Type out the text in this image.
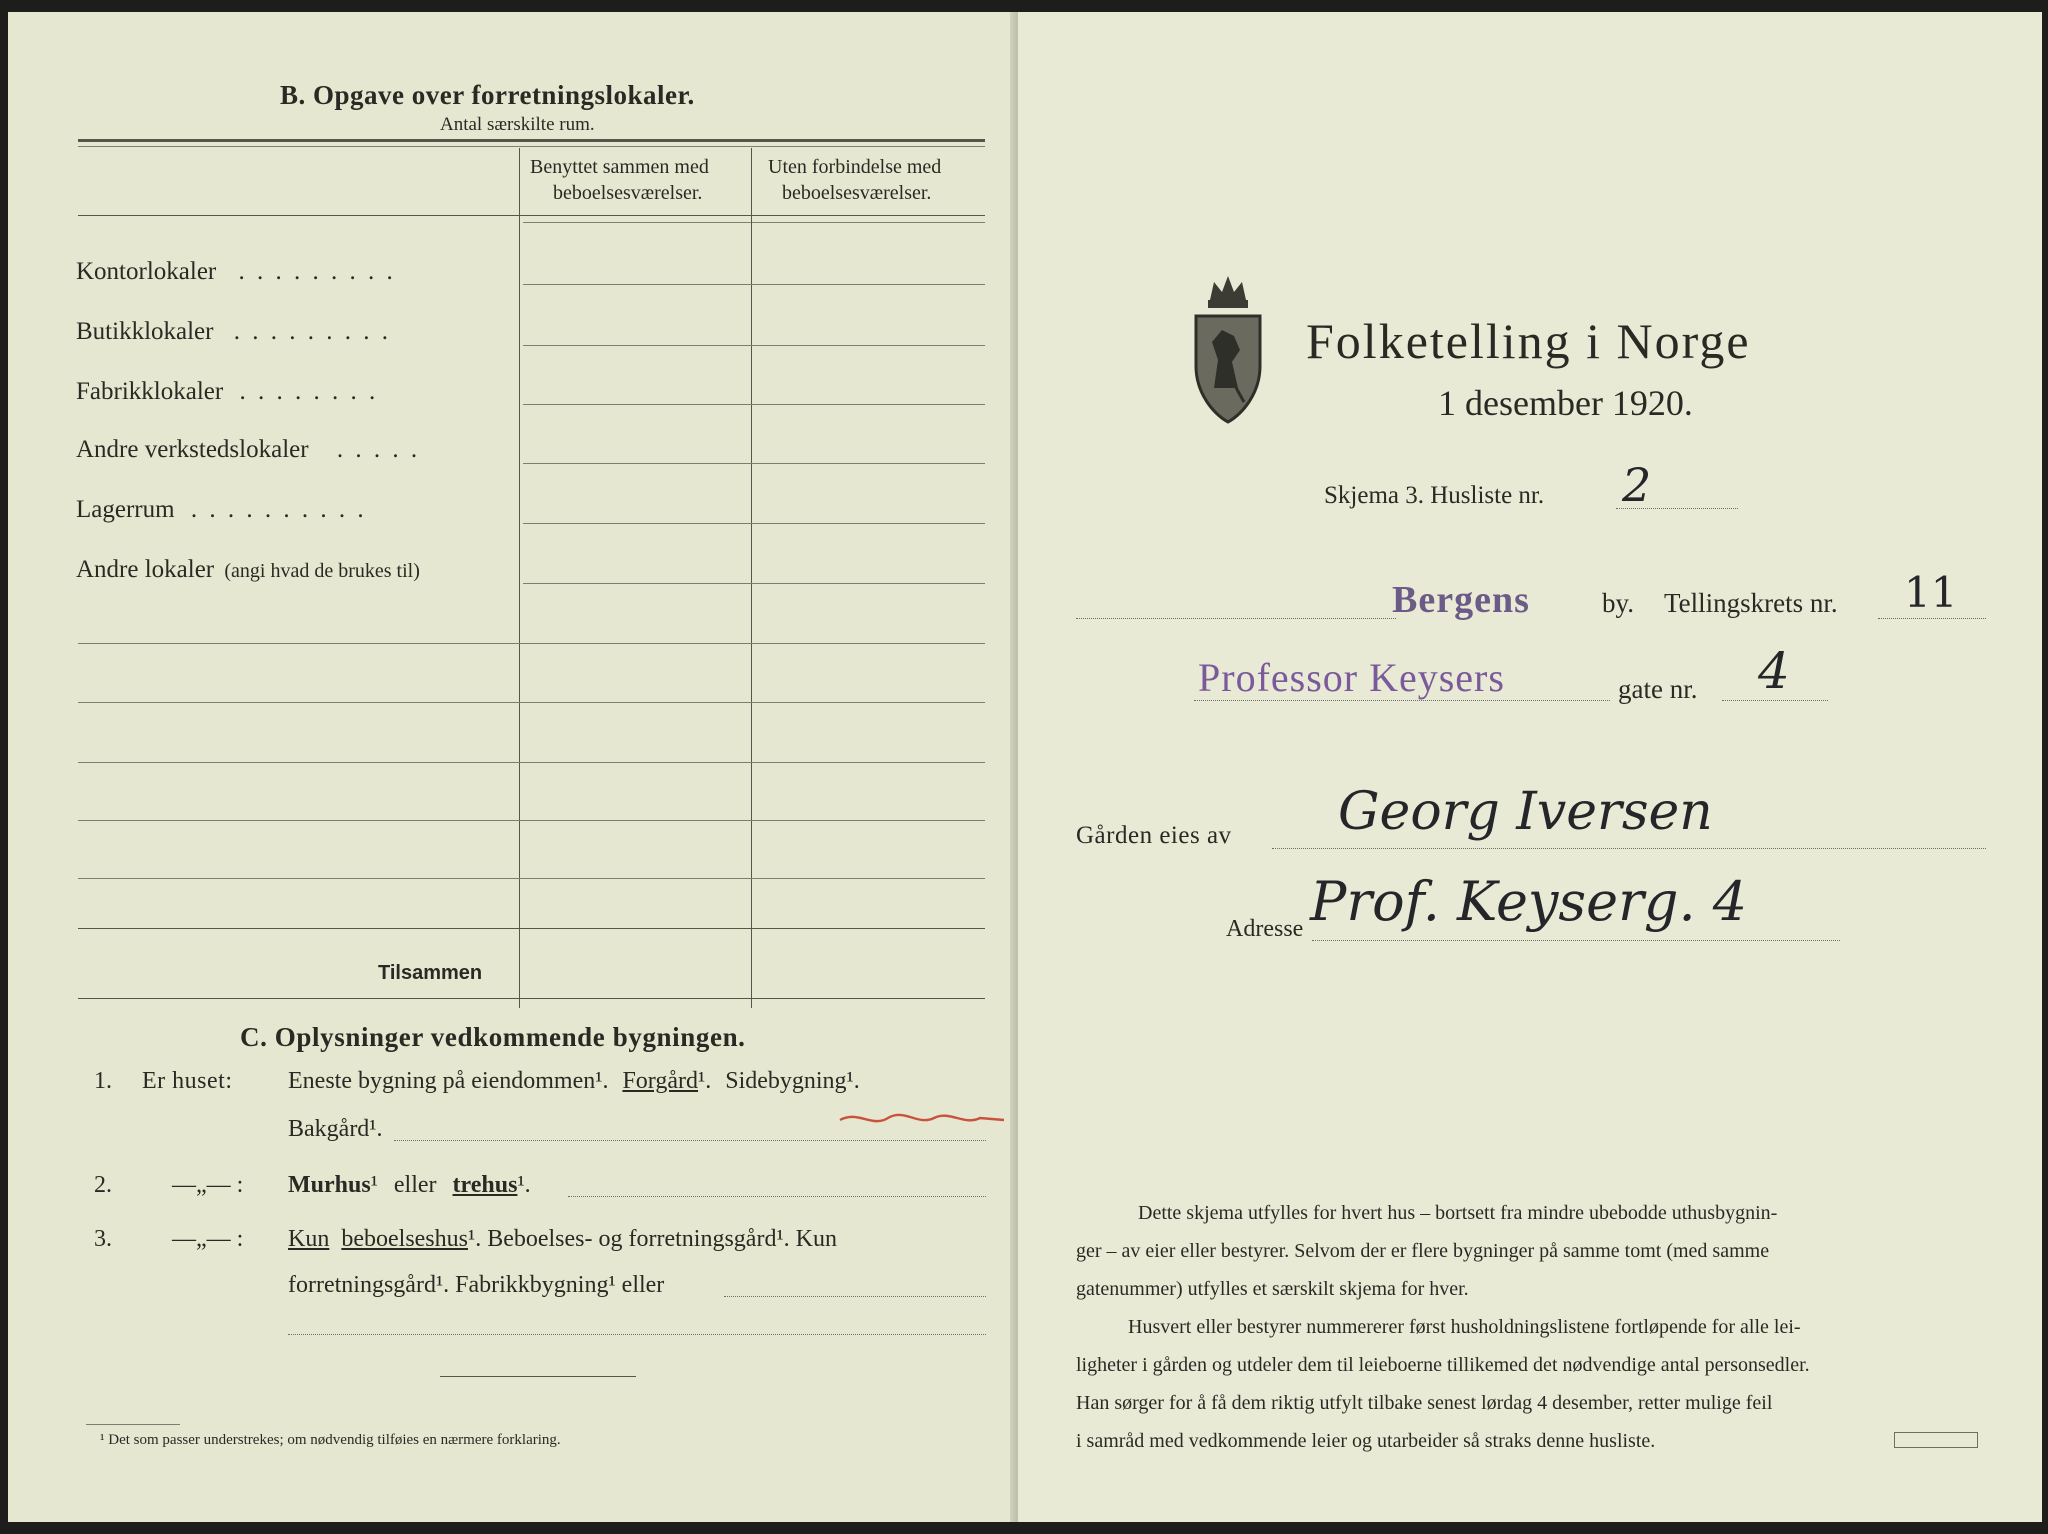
B. Opgave over forretningslokaler.
Antal særskilte rum.
Benyttet sammen med
beboelsesværelser.
Uten forbindelse med
beboelsesværelser.
Kontorlokaler . . . . . . . . .
Butikklokaler . . . . . . . . .
Fabrikklokaler . . . . . . . .
Andre verkstedslokaler . . . . .
Lagerrum . . . . . . . . . .
Andre lokaler (angi hvad de brukes til)
Tilsammen
C. Oplysninger vedkommende bygningen.
1. Er huset: Eneste bygning på eiendommen¹. Forgård¹. Sidebygning¹.
Bakgård¹.
2.	—„— : Murhus¹ eller trehus¹.
3.	—„— : Kun beboelseshus¹. Beboelses- og forretningsgård¹. Kun
forretningsgård¹. Fabrikkbygning¹ eller
¹ Det som passer understrekes; om nødvendig tilføies en nærmere forklaring.
Folketelling i Norge
1 desember 1920.
Skjema 3. Husliste nr. 2
Bergens	by. Tellingskrets nr. 11
Professor Keysers	gate nr. 4
Gården eies av Georg Iversen
Adresse Prof. Keyserg. 4
Dette skjema utfylles for hvert hus – bortsett fra mindre ubebodde uthusbygnin-
ger – av eier eller bestyrer. Selvom der er flere bygninger på samme tomt (med samme
gatenummer) utfylles et særskilt skjema for hver.
Husvert eller bestyrer nummererer først husholdningslistene fortløpende for alle lei-
ligheter i gården og utdeler dem til leieboerne tillikemed det nødvendige antal personsedler.
Han sørger for å få dem riktig utfylt tilbake senest lørdag 4 desember, retter mulige feil
i samråd med vedkommende leier og utarbeider så straks denne husliste.
